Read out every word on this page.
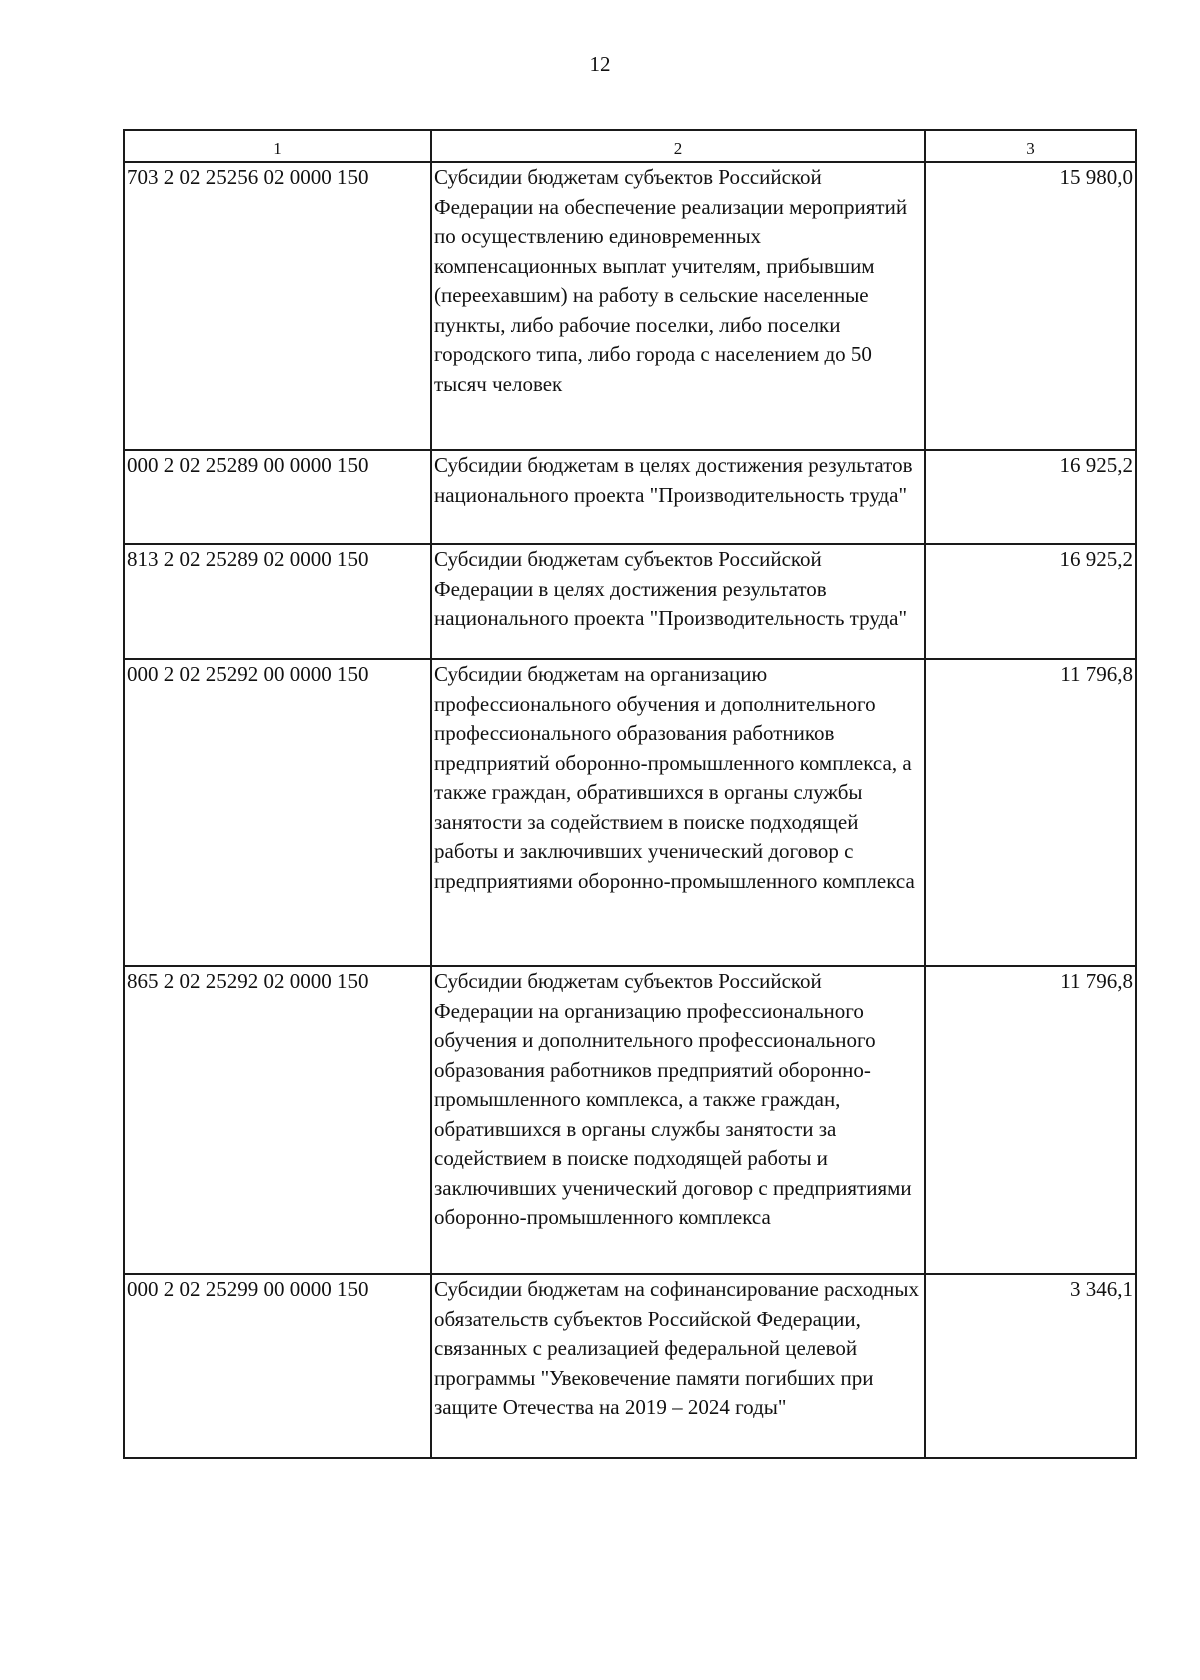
12
1	2	3
703 2 02 25256 02 0000 150	Субсидии бюджетам субъектов Российской Федерации на обеспечение реализации мероприятий по осуществлению единовременных компенсационных выплат учителям, прибывшим (переехавшим) на работу в сельские населенные пункты, либо рабочие поселки, либо поселки городского типа, либо города с населением до 50 тысяч человек	15 980,0
000 2 02 25289 00 0000 150	Субсидии бюджетам в целях достижения результатов национального проекта "Производительность труда"	16 925,2
813 2 02 25289 02 0000 150	Субсидии бюджетам субъектов Российской Федерации в целях достижения результатов национального проекта "Производительность труда"	16 925,2
000 2 02 25292 00 0000 150	Субсидии бюджетам на организацию профессионального обучения и дополнительного профессионального образования работников предприятий оборонно-промышленного комплекса, а также граждан, обратившихся в органы службы занятости за содействием в поиске подходящей работы и заключивших ученический договор с предприятиями оборонно-промышленного комплекса	11 796,8
865 2 02 25292 02 0000 150	Субсидии бюджетам субъектов Российской Федерации на организацию профессионального обучения и дополнительного профессионального образования работников предприятий оборонно-промышленного комплекса, а также граждан, обратившихся в органы службы занятости за содействием в поиске подходящей работы и заключивших ученический договор с предприятиями оборонно-промышленного комплекса	11 796,8
000 2 02 25299 00 0000 150	Субсидии бюджетам на софинансирование расходных обязательств субъектов Российской Федерации, связанных с реализацией федеральной целевой программы "Увековечение памяти погибших при защите Отечества на 2019 – 2024 годы"	3 346,1
